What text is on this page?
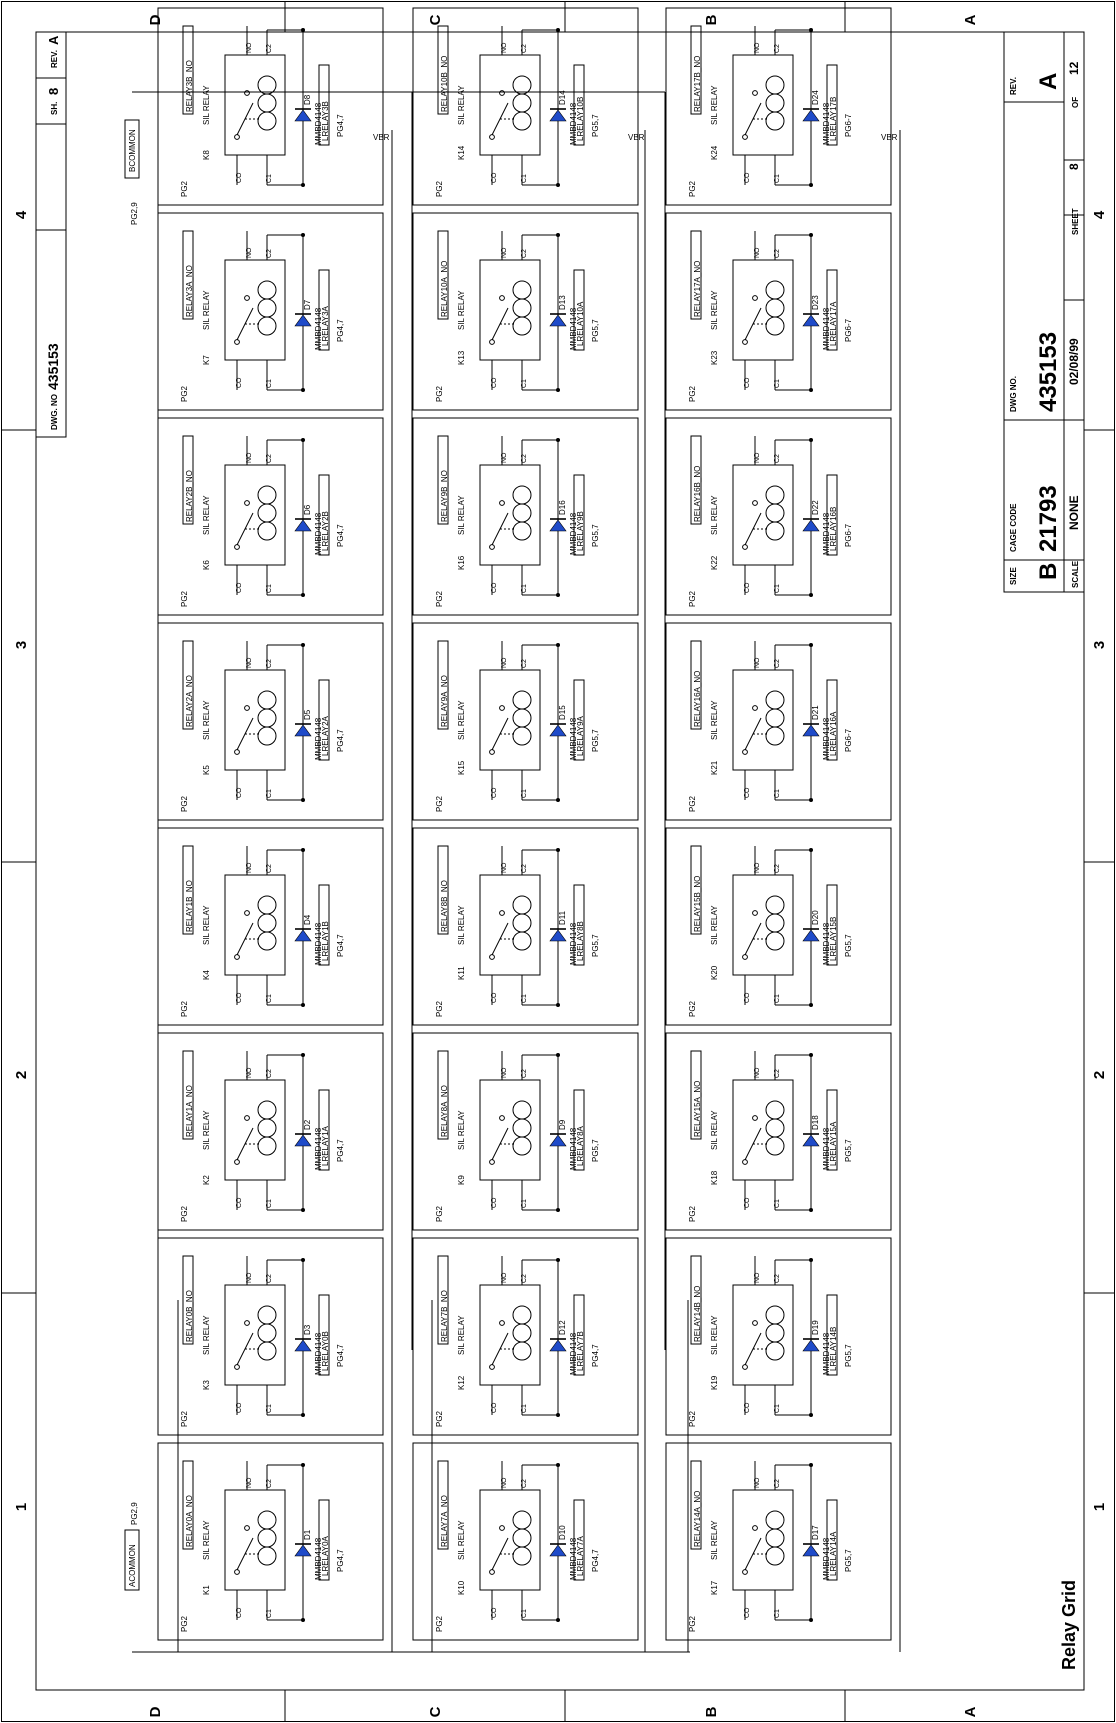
D	C	B	A
D	C	B	A
4
3
2
1
4
3
2
1
REV.
A
SH.
8
DWG. NO
435153
SIZE B
CAGE CODE 21793
DWG NO. 435153
REV. A
SCALE
NONE
02/08/99
SHEET
8
OF
12
Relay Grid
PG2,9
BCOMMON
ACOMMON
PG2,9
PG2
RELAY0A_NO
K1
SIL RELAY
CO	C1
NO C2
D1
MMBD4148
LRELAY0A PG4,7
PG2
RELAY0B_NO
K3
SIL RELAY
CO	C1
NO C2
D3
MMBD4148
LRELAY0B PG4,7
PG2
RELAY1A_NO
K2
SIL RELAY
CO	C1
NO C2
D2
MMBD4148
LRELAY1A PG4,7
PG2
RELAY1B_NO
K4
SIL RELAY
CO	C1
NO C2
D4
MMBD4148
LRELAY1B PG4,7
PG2
RELAY2A_NO
K5
SIL RELAY
CO	C1
NO C2
D5
MMBD4148
LRELAY2A PG4,7
PG2
RELAY2B_NO
K6
SIL RELAY
CO	C1
NO C2
D6
MMBD4148
LRELAY2B PG4,7
PG2
RELAY3A_NO
K7
SIL RELAY
CO	C1
NO C2
D7
MMBD4148
LRELAY3A PG4,7
PG2
RELAY3B_NO
K8
SIL RELAY
CO	C1
NO C2
D8
MMBD4148
LRELAY3B PG4,7
VBR
PG2
RELAY7A_NO
K10
SIL RELAY
CO	C1
NO C2
D10
MMBD4148
LRELAY7A PG4,7
PG2
RELAY7B_NO
K12
SIL RELAY
CO	C1
NO C2
D12
MMBD4148
LRELAY7B PG4,7
PG2
RELAY8A_NO
K9
SIL RELAY
CO	C1
NO C2
D9
MMBD4148
LRELAY8A PG5,7
PG2
RELAY8B_NO
K11
SIL RELAY
CO	C1
NO C2
D11
MMBD4148
LRELAY8B PG5,7
PG2
RELAY9A_NO
K15
SIL RELAY
CO	C1
NO C2
D15
MMBD4148
LRELAY9A PG5,7
PG2
RELAY9B_NO
K16
SIL RELAY
CO	C1
NO C2
D16
MMBD4148
LRELAY9B PG5,7
PG2
RELAY10A_NO
K13
SIL RELAY
CO	C1
NO C2
D13
MMBD4148
LRELAY10A PG5,7
PG2
RELAY10B_NO
K14
SIL RELAY
CO	C1
NO C2
D14
MMBD4148
LRELAY10B PG5,7
VBR
PG2
RELAY14A_NO
K17
SIL RELAY
CO	C1
NO C2
D17
MMBD4148
LRELAY14A PG5,7
PG2
RELAY14B_NO
K19
SIL RELAY
CO	C1
NO C2
D19
MMBD4148
LRELAY14B PG5,7
PG2
RELAY15A_NO
K18
SIL RELAY
CO	C1
NO C2
D18
MMBD4148
LRELAY15A PG5,7
PG2
RELAY15B_NO
K20
SIL RELAY
CO	C1
NO C2
D20
MMBD4148
LRELAY15B PG5,7
PG2
RELAY16A_NO
K21
SIL RELAY
CO	C1
NO C2
D21
MMBD4148
LRELAY16A PG6-7
PG2
RELAY16B_NO
K22
SIL RELAY
CO	C1
NO C2
D22
MMBD4148
LRELAY16B PG6-7
PG2
RELAY17A_NO
K23
SIL RELAY
CO	C1
NO C2
D23
MMBD4148
LRELAY17A PG6-7
PG2
RELAY17B_NO
K24
SIL RELAY
CO	C1
NO C2
D24
MMBD4148
LRELAY17B PG6-7
VBR
